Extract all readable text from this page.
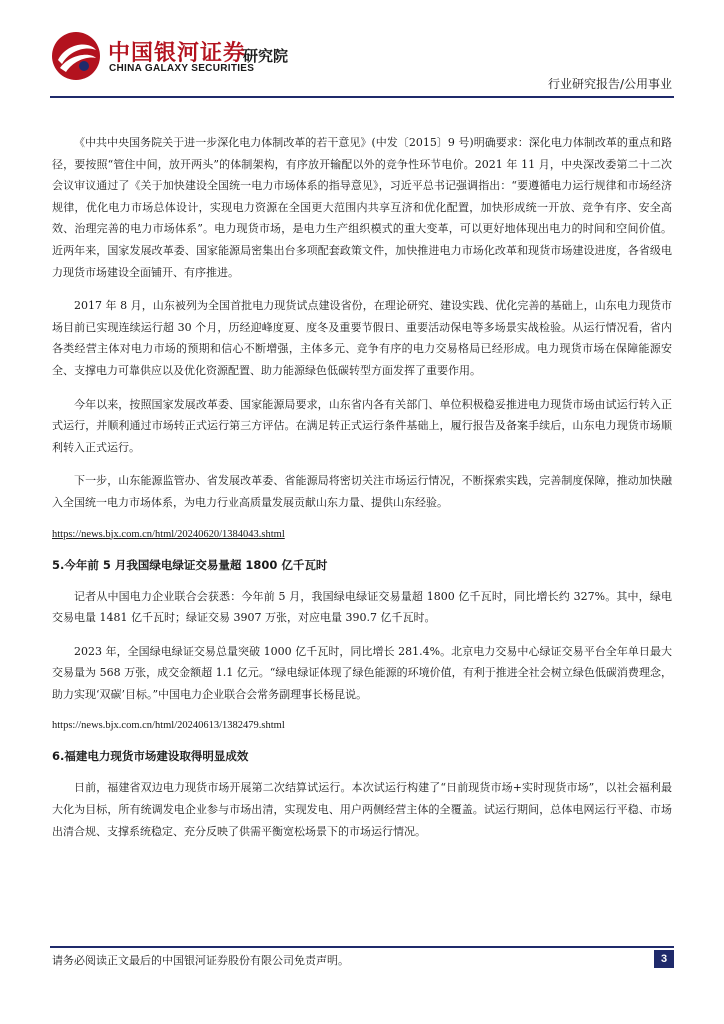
中国银河证券
CHINA GALAXY SECURITIES
研究院
行业研究报告/公用事业

《中共中央国务院关于进一步深化电力体制改革的若干意见》(中发〔2015〕9 号)明确要求：深化电力体制改革的重点和路径，要按照“管住中间，放开两头”的体制架构，有序放开输配以外的竞争性环节电价。2021 年 11 月，中央深改委第二十二次会议审议通过了《关于加快建设全国统一电力市场体系的指导意见》，习近平总书记强调指出：“要遵循电力运行规律和市场经济规律，优化电力市场总体设计，实现电力资源在全国更大范围内共享互济和优化配置，加快形成统一开放、竞争有序、安全高效、治理完善的电力市场体系”。电力现货市场，是电力生产组织模式的重大变革，可以更好地体现出电力的时间和空间价值。近两年来，国家发展改革委、国家能源局密集出台多项配套政策文件，加快推进电力市场化改革和现货市场建设进度，各省级电力现货市场建设全面铺开、有序推进。

2017 年 8 月，山东被列为全国首批电力现货试点建设省份，在理论研究、建设实践、优化完善的基础上，山东电力现货市场目前已实现连续运行超 30 个月，历经迎峰度夏、度冬及重要节假日、重要活动保电等多场景实战检验。从运行情况看，省内各类经营主体对电力市场的预期和信心不断增强，主体多元、竞争有序的电力交易格局已经形成。电力现货市场在保障能源安全、支撑电力可靠供应以及优化资源配置、助力能源绿色低碳转型方面发挥了重要作用。

今年以来，按照国家发展改革委、国家能源局要求，山东省内各有关部门、单位积极稳妥推进电力现货市场由试运行转入正式运行，并顺利通过市场转正式运行第三方评估。在满足转正式运行条件基础上，履行报告及备案手续后，山东电力现货市场顺利转入正式运行。

下一步，山东能源监管办、省发展改革委、省能源局将密切关注市场运行情况，不断探索实践，完善制度保障，推动加快融入全国统一电力市场体系，为电力行业高质量发展贡献山东力量、提供山东经验。

https://news.bjx.com.cn/html/20240620/1384043.shtml
5.今年前 5 月我国绿电绿证交易量超 1800 亿千瓦时

记者从中国电力企业联合会获悉：今年前 5 月，我国绿电绿证交易量超 1800 亿千瓦时，同比增长约 327%。其中，绿电交易电量 1481 亿千瓦时；绿证交易 3907 万张，对应电量 390.7 亿千瓦时。

2023 年，全国绿电绿证交易总量突破 1000 亿千瓦时，同比增长 281.4%。北京电力交易中心绿证交易平台全年单日最大交易量为 568 万张，成交金额超 1.1 亿元。“绿电绿证体现了绿色能源的环境价值，有利于推进全社会树立绿色低碳消费理念，助力实现‘双碳’目标。”中国电力企业联合会常务副理事长杨昆说。

https://news.bjx.com.cn/html/20240613/1382479.shtml
6.福建电力现货市场建设取得明显成效

日前，福建省双边电力现货市场开展第二次结算试运行。本次试运行构建了“日前现货市场+实时现货市场”，以社会福利最大化为目标，所有统调发电企业参与市场出清，实现发电、用户两侧经营主体的全覆盖。试运行期间，总体电网运行平稳、市场出清合规、支撑系统稳定、充分反映了供需平衡宽松场景下的市场运行情况。

请务必阅读正文最后的中国银河证券股份有限公司免责声明。	3
